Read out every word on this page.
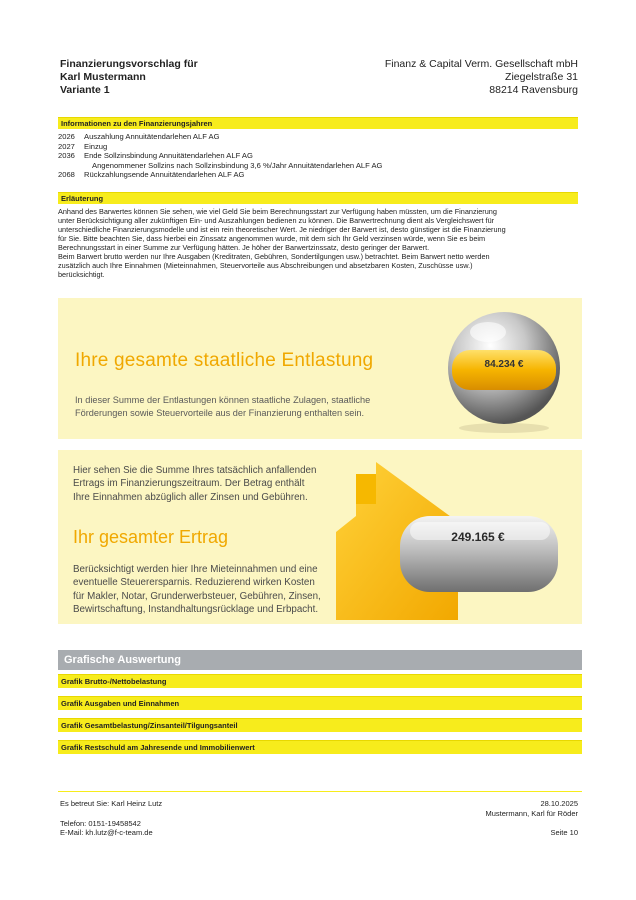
Finanzierungsvorschlag für
Karl Mustermann
Variante 1
Finanz & Capital Verm. Gesellschaft mbH
Ziegelstraße 31
88214 Ravensburg
Informationen zu den Finanzierungsjahren
2026	Auszahlung Annuitätendarlehen ALF AG
2027	Einzug
2036	Ende Sollzinsbindung Annuitätendarlehen ALF AG
Angenommener Sollzins nach Sollzinsbindung 3,6 %/Jahr Annuitätendarlehen ALF AG
2068	Rückzahlungsende Annuitätendarlehen ALF AG
Erläuterung
Anhand des Barwertes können Sie sehen, wie viel Geld Sie beim Berechnungsstart zur Verfügung haben müssten, um die Finanzierung
unter Berücksichtigung aller zukünftigen Ein- und Auszahlungen bedienen zu können. Die Barwertrechnung dient als Vergleichswert für
unterschiedliche Finanzierungsmodelle und ist ein rein theoretischer Wert. Je niedriger der Barwert ist, desto günstiger ist die Finanzierung
für Sie. Bitte beachten Sie, dass hierbei ein Zinssatz angenommen wurde, mit dem sich Ihr Geld verzinsen würde, wenn Sie es beim
Berechnungsstart in einer Summe zur Verfügung hätten. Je höher der Barwertzinssatz, desto geringer der Barwert.
Beim Barwert brutto werden nur Ihre Ausgaben (Kreditraten, Gebühren, Sondertilgungen usw.) betrachtet. Beim Barwert netto werden
zusätzlich auch Ihre Einnahmen (Mieteinnahmen, Steuervorteile aus Abschreibungen und absetzbaren Kosten, Zuschüsse usw.)
berücksichtigt.
Ihre gesamte staatliche Entlastung
In dieser Summe der Entlastungen können staatliche Zulagen, staatliche
Förderungen sowie Steuervorteile aus der Finanzierung enthalten sein.
84.234 €
249.165 €
Hier sehen Sie die Summe Ihres tatsächlich anfallenden
Ertrags im Finanzierungszeitraum. Der Betrag enthält
Ihre Einnahmen abzüglich aller Zinsen und Gebühren.
Ihr gesamter Ertrag
Berücksichtigt werden hier Ihre Mieteinnahmen und eine
eventuelle Steuerersparnis. Reduzierend wirken Kosten
für Makler, Notar, Grunderwerbsteuer, Gebühren, Zinsen,
Bewirtschaftung, Instandhaltungsrücklage und Erbpacht.
Grafische Auswertung
Grafik Brutto-/Nettobelastung
Grafik Ausgaben und Einnahmen
Grafik Gesamtbelastung/Zinsanteil/Tilgungsanteil
Grafik Restschuld am Jahresende und Immobilienwert
Es betreut Sie: Karl Heinz Lutz
Telefon: 0151-19458542
E-Mail: kh.lutz@f-c-team.de
28.10.2025
Mustermann, Karl für Röder
Seite 10
